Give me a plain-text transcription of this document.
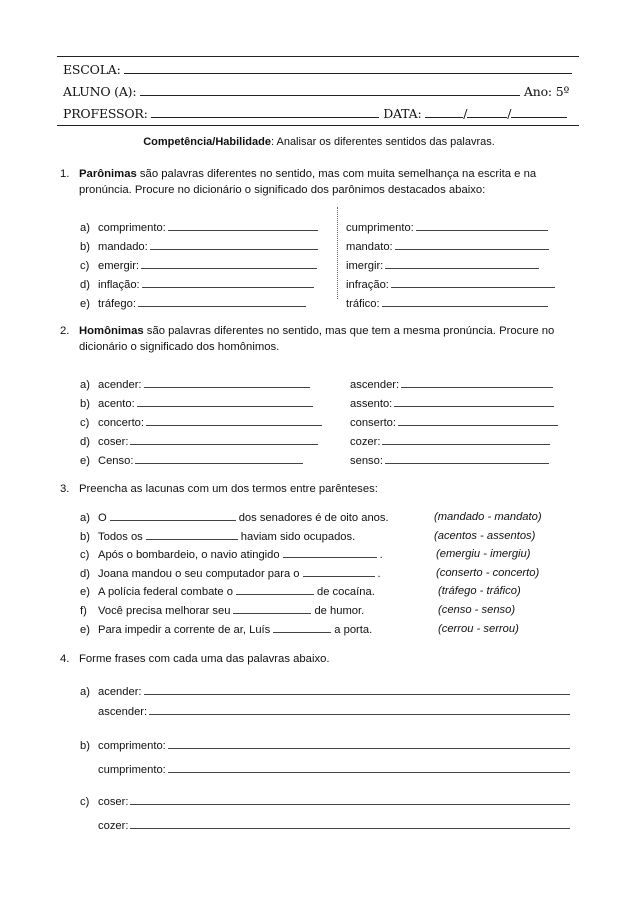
ESCOLA:
ALUNO (A):	Ano: 5º
PROFESSOR:	DATA:	/	/
Competência/Habilidade: Analisar os diferentes sentidos das palavras.
1. Parônimas são palavras diferentes no sentido, mas com muita semelhança na escrita e na pronúncia. Procure no dicionário o significado dos parônimos destacados abaixo:
a) comprimento:	cumprimento:
b) mandado:	mandato:
c) emergir:	imergir:
d) inflação:	infração:
e) tráfego:	tráfico:
2. Homônimas são palavras diferentes no sentido, mas que tem a mesma pronúncia. Procure no dicionário o significado dos homônimos.
a) acender:	ascender:
b) acento:	assento:
c) concerto:	conserto:
d) coser:	cozer:
e) Censo:	senso:
3. Preencha as lacunas com um dos termos entre parênteses:
a) O	dos senadores é de oito anos.	(mandado - mandato)
b) Todos os	haviam sido ocupados.	(acentos - assentos)
c) Após o bombardeio, o navio atingido	.	(emergiu - imergiu)
d) Joana mandou o seu computador para o	.	(conserto - concerto)
e) A polícia federal combate o	de cocaína.	(tráfego - tráfico)
f) Você precisa melhorar seu	de humor.	(censo - senso)
e) Para impedir a corrente de ar, Luís	a porta.	(cerrou - serrou)
4. Forme frases com cada uma das palavras abaixo.
a) acender:
ascender:
b) comprimento:
cumprimento:
c) coser:
cozer:
